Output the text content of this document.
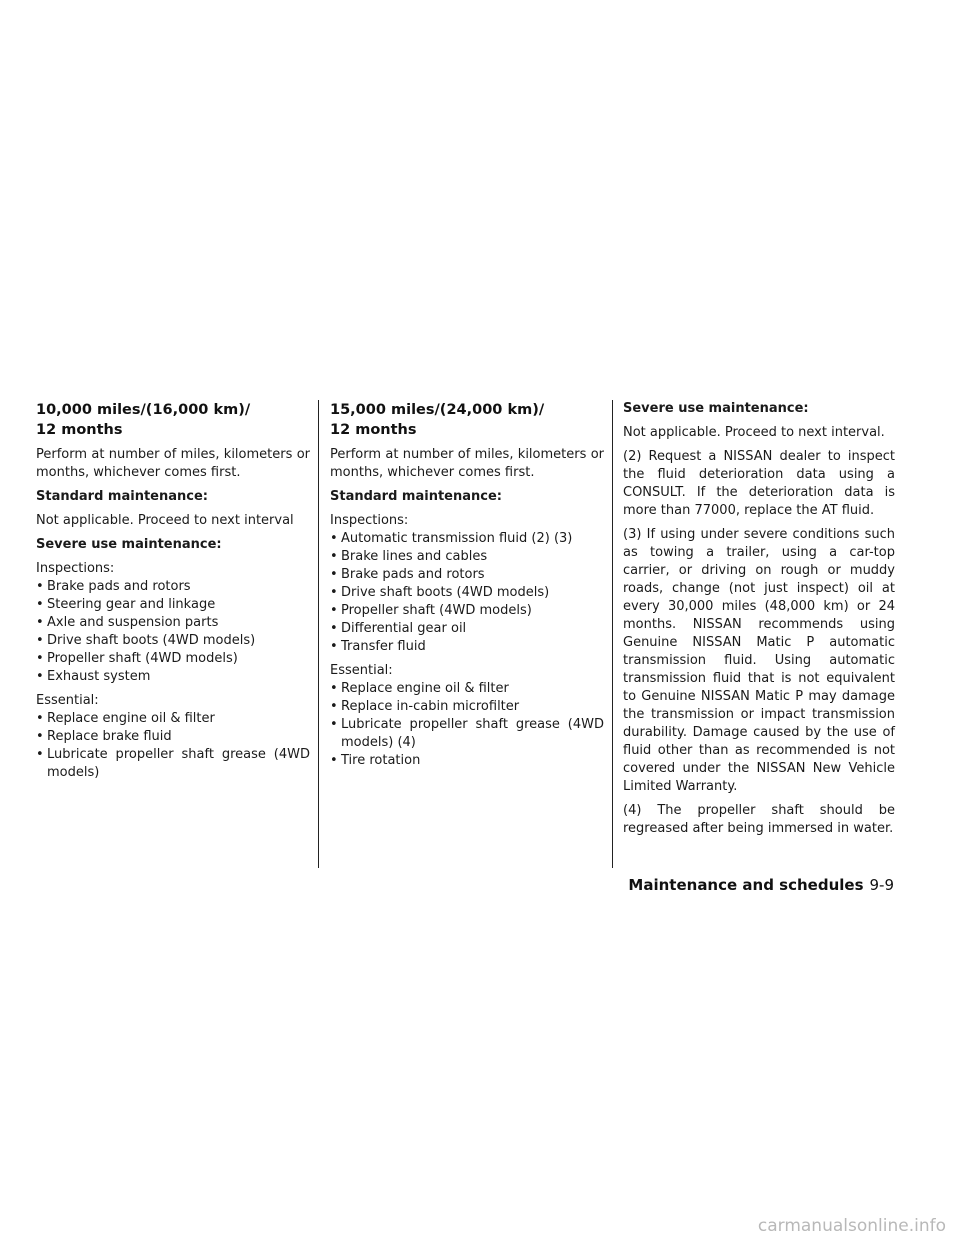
10,000 miles/(16,000 km)/
12 months

Perform at number of miles, kilometers or months, whichever comes first.

Standard maintenance:

Not applicable. Proceed to next interval

Severe use maintenance:

Inspections:

• Brake pads and rotors
• Steering gear and linkage
• Axle and suspension parts
• Drive shaft boots (4WD models)
• Propeller shaft (4WD models)
• Exhaust system

Essential:

• Replace engine oil & filter
• Replace brake fluid
• Lubricate propeller shaft grease (4WD models)
15,000 miles/(24,000 km)/
12 months

Perform at number of miles, kilometers or months, whichever comes first.

Standard maintenance:

Inspections:

• Automatic transmission fluid (2) (3)
• Brake lines and cables
• Brake pads and rotors
• Drive shaft boots (4WD models)
• Propeller shaft (4WD models)
• Differential gear oil
• Transfer fluid

Essential:

• Replace engine oil & filter
• Replace in-cabin microfilter
• Lubricate propeller shaft grease (4WD models) (4)
• Tire rotation

Severe use maintenance:

Not applicable. Proceed to next interval.

(2) Request a NISSAN dealer to inspect the fluid deterioration data using a CONSULT. If the deterioration data is more than 77000, replace the AT fluid.

(3) If using under severe conditions such as towing a trailer, using a car-top carrier, or driving on rough or muddy roads, change (not just inspect) oil at every 30,000 miles (48,000 km) or 24 months. NISSAN recommends using Genuine NISSAN Matic P automatic transmission fluid. Using automatic transmission fluid that is not equivalent to Genuine NISSAN Matic P may damage the transmission or impact transmission durability. Damage caused by the use of fluid other than as recommended is not covered under the NISSAN New Vehicle Limited Warranty.

(4) The propeller shaft should be regreased after being immersed in water.

Maintenance and schedules 9-9
carmanualsonline.info
